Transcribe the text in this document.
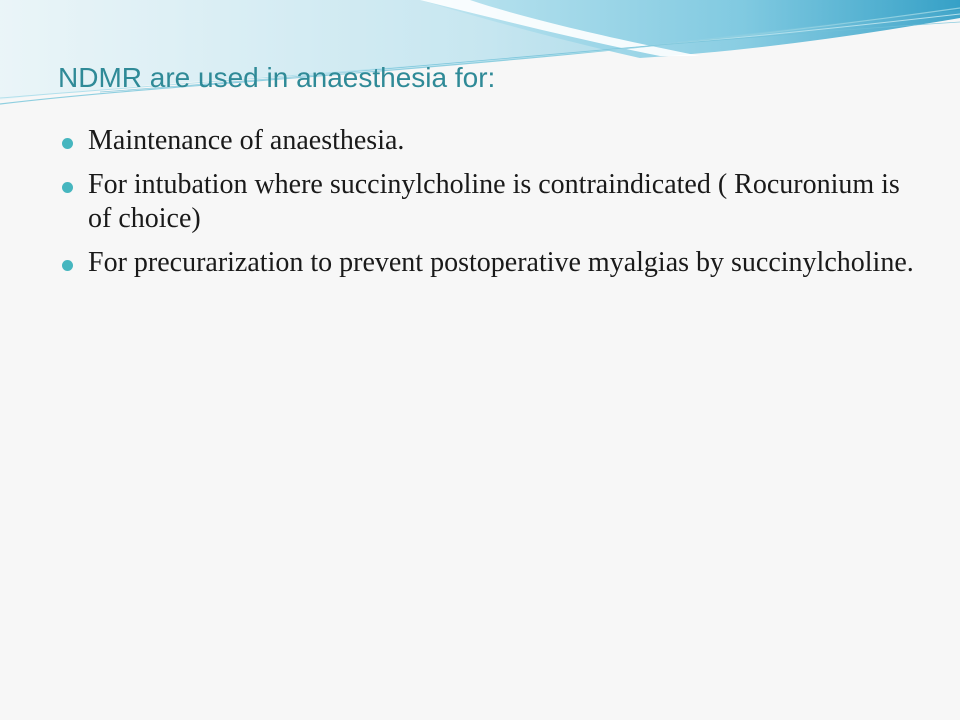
NDMR are used in anaesthesia for:
Maintenance of anaesthesia.
For intubation where succinylcholine is contraindicated ( Rocuronium is of choice)
For precurarization to prevent postoperative myalgias by succinylcholine.
